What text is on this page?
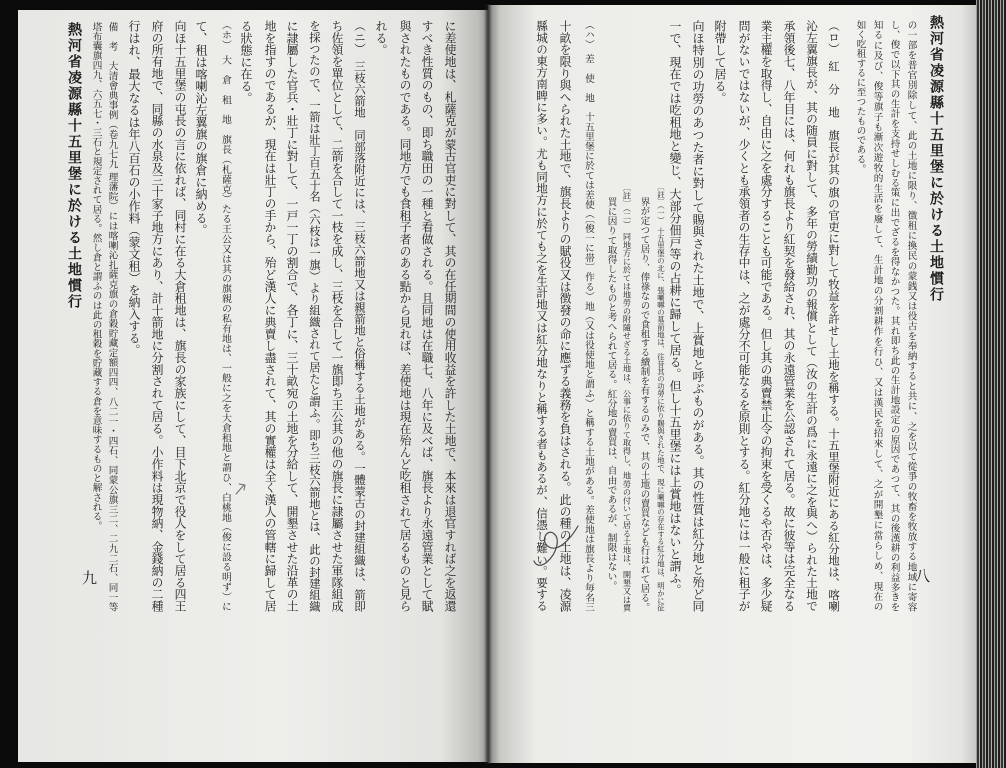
熱河省凌源縣十五里堡に於ける土地慣行
九	に差使地は、札薩克が蒙古官吏に對して、其の在任期間の使用收益を許した土地で、本來は退官すれば之を返還
すべき性質のもの、即ち職田の一種と看做される。且同地は在職七、八年に及べば、旗長より永遠管業として賦
與されたものである。同地方でも食租子者のある點から見れば、差使地は現在殆んど吃租されて居るものと見ら
れる。
（ニ）　三枝六箭地　同部落附近には、三枝六箭地又は親箭地と俗稱する土地がある。一體蒙古の封建組織は、箭即
ち佐領を單位として、二箭を合して一枝を成し、三枝を合して一旗即ち王公其の他の旗長に隷屬させた軍隊組成
を採つたので、一箭は壯丁百五十名（六枝は一旗）より組織されて居たと謂ふ。即ち三枝六箭地とは、此の封建組織
に隷屬した官兵・壯丁に對して、一戸一丁の割合で、各丁に、三十畝宛の土地を分給して、開墾させた沿革の土
地を指すのであるが、現在は壯丁の手から、殆ど漢人に典賣し盡されて、其の實權は全く漢人の管轄に歸して居
る狀態に在る。
（ホ）　大　倉　租　地　旗長（札薩克）たる王公又は其の旗親の私有地は、一般に之を大倉租地と謂ひ、白桃地（俊に設る明ず）に
て、租は喀喇沁左翼旗の旗倉に納める。
向ほ十五里堡の屯長の言に依れば、同村に在る大倉租地は、旗長の家族にして、目下北京で役人をして居る四王
府の所有地で、同縣の水泉及三十家子地方にあり、計十箭地に分割されて居る。小作料は現物納、金錢納の二種
行はれ、最大なるは年八百石の小作料（蒙文租）を納入する。
備　考　大清會典事例（卷九七九 理藩院）には喀喇沁扎薩克旗の倉穀貯藏定額四四、八二一・四石、同蒙公旗三二、二九二石、同一等
塔布囊旗四九、六五七・三石と規定されて居る。然し倉と謂ふのは此の租穀を貯藏する倉を意味するものと解される。	熱河省凌源縣十五里堡に於ける土地慣行
八
の一部を普官別除して、此の土地に限り、徴租に換民の蒙銭又は役古を奉納すると共に、之を以て從爭の牧畜を牧放する地域に寄容
し、俊で以下其の生計を支持せしむる策に出でざるを得なかつた。其れ即ち此の生計地設定の原因であつて、其の後漢耕の利益多きを
知るに及び、俊等旗子も漸次遊牧的生活を廢して、生計地の分割耕作を行ひ、又は漢民を招來して、之が開墾に當らしめ、現在の
如く吃租するに至つたものである。
（ロ）　紅　分　地　旗長が其の旗の官吏に對して牧益を許せし土地を稱する。十五里堡附近にある紅分地は、喀喇
沁左翼旗長が、其の随員に對して、多年の勞績勤功の報償として（汝の生計の爲に永遠に之を與へ）られた土地で
承領後七、八年目には、何れも旗長より紅契を發給され、其の永遠管業を公認されて居る。故に彼等は完全なる
業主權を取得し、自由に之を處分することも可能である。但し其の典賣禁止令の拘束を受くるや否やは、多少疑
問がないではないが、少くとも承領者の生存中は、之が處分不可能なるを原則とする。紅分地には一般に租子が
附帶して居る。
向ほ特別の功勞のあつた者に對して賜與された土地で、上賞地と呼ぶものがある。其の性質は紅分地と殆ど同
一で、現在では吃租地と變じ、大部分佃戸等の占耕に歸して居る。但し十五里堡には上賞地はないと謂ふ。
〔註〕（一）　十五里堡の北に、張喇嘛の墓前地は、往昔其の功勞に依り賜與された地で、現に喇嘛の存在する紅分地は、明かに征
界が定つて居り、俸祿なので食租する續制を有するのみで、其の土地の賣買なども行はれて居る。
〔註〕（二）　同地方に於ては地勞の附隨せざる土地は、公事に依りて取得し、地勞の付いて居る土地は、開墾又は賣
買に因りて取得したものと考へられて居る。紅分地の賣買は、自由であるが、制限はない。
（ハ）　差　使　地　十五里堡に於ては差使（〔俊一に帯〕作る）地（又は役使地と謂ふ）と稱する土地がある。差使地は旗長より毎名三
十畝を限り與へられた土地で、旗長よりの賦役又は徴發の命に應ずる義務を負はされる。此の種の土地は、凌源
縣城の東方南睥に多い。尤も同地方に於ても之を生計地又は紅分地なりと稱する者もあるが、信憑し難い。要する
